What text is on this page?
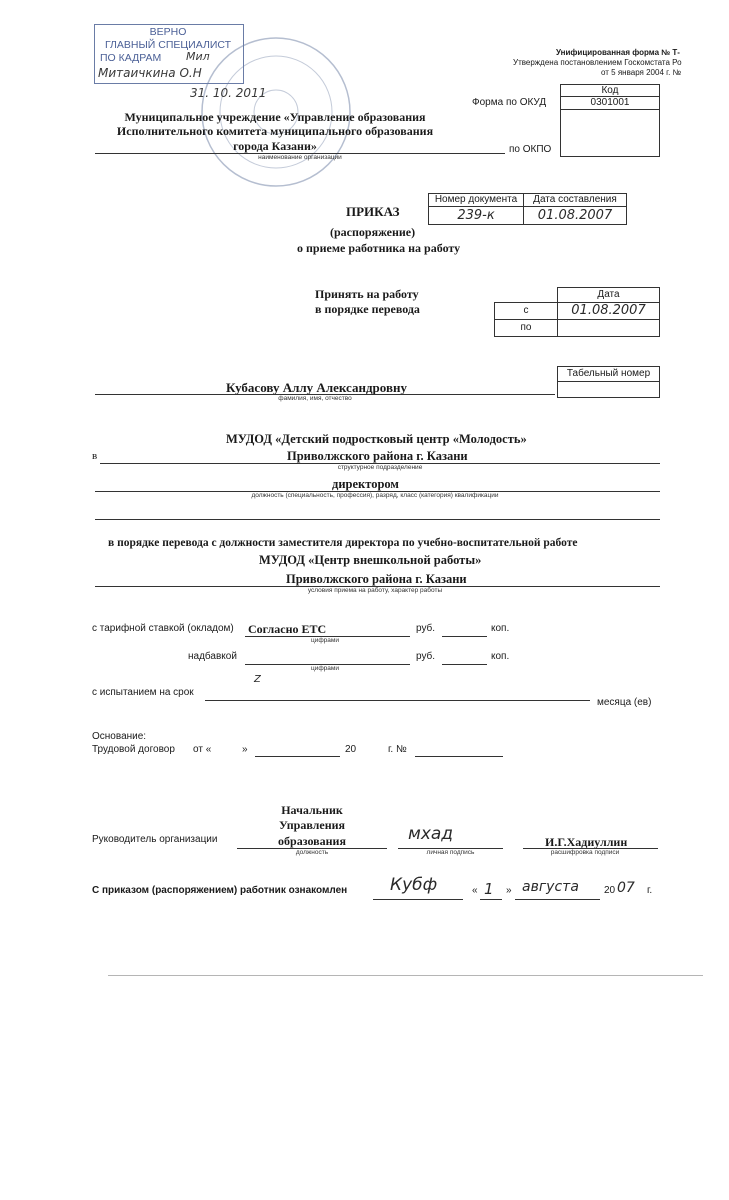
Унифицированная форма № Т-
Утверждена постановлением Госкомстата Ро
от 5 января 2004 г. №
ВЕРНО
ГЛАВНЫЙ СПЕЦИАЛИСТ
ПО КАДРАМ Мил
Митаичкина О.Н
31. 10. 2011	Код
0301001
Форма по ОКУД
по ОКПО
Муниципальное учреждение «Управление образования
Исполнительного комитета муниципального образования
города Казани»
наименование организации
Номер документа	Дата составления
239-к	01.08.2007
ПРИКАЗ
(распоряжение)
о приеме работника на работу
Принять на работу
в порядке перевода
Дата
с	01.08.2007
по
Табельный номер
Кубасову Аллу Александровну
фамилия, имя, отчество
МУДОД «Детский подростковый центр «Молодость»
в	Приволжского района г. Казани
структурное подразделение
директором
должность (специальность, профессия), разряд, класс (категория) квалификации
в порядке перевода с должности заместителя директора по учебно-воспитательной работе
МУДОД «Центр внешкольной работы»
Приволжского района г. Казани
условия приема на работу, характер работы
с тарифной ставкой (окладом) Согласно ЕТС
цифрами
руб.	коп.
надбавкой
цифрами
руб.	коп.
с испытанием на срок
Z
месяца (ев)
Основание:
Трудовой договор от «	»	20	г. №
Начальник
Управления
образования
Руководитель организации
должность
мхад
личная подпись
И.Г.Хадиуллин
расшифровка подписи
С приказом (распоряжением) работник ознакомлен	Кубф	« 1 » августа	20 07 г.
